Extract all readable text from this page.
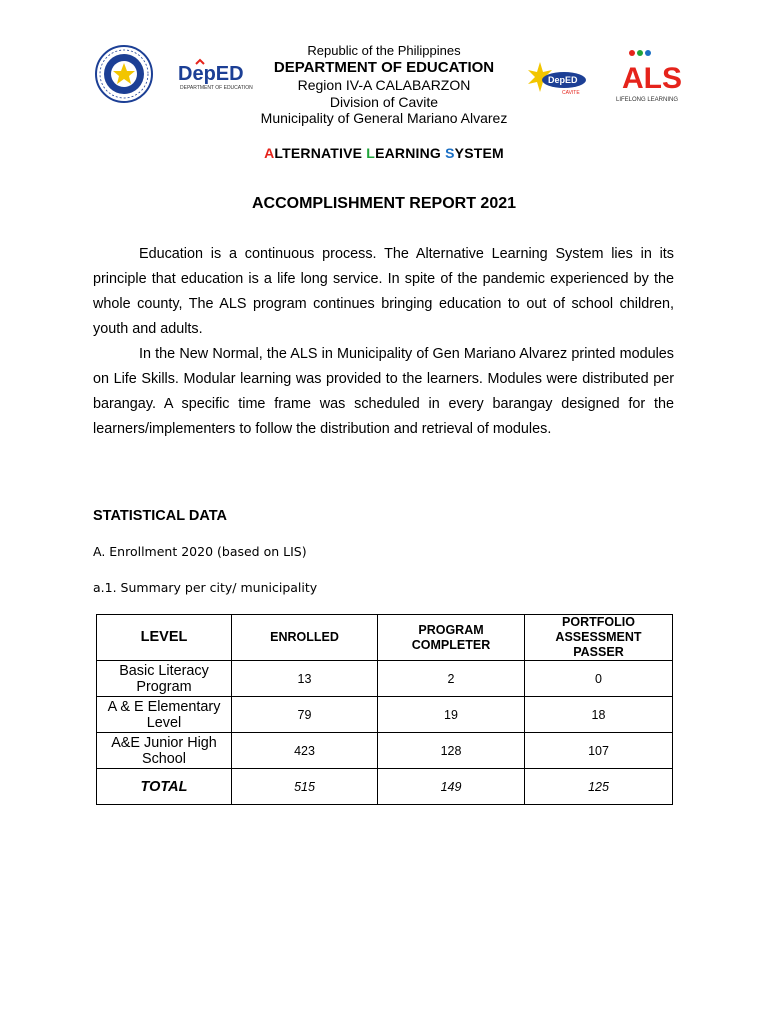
DepED
DEPARTMENT OF EDUCATION
DepED
CAVITE ALS
LIFELONG LEARNING
Republic of the Philippines
DEPARTMENT OF EDUCATION
Region IV-A CALABARZON
Division of Cavite
Municipality of General Mariano Alvarez
ALTERNATIVE LEARNING SYSTEM
ACCOMPLISHMENT REPORT 2021

Education is a continuous process. The Alternative Learning System lies in its principle that education is a life long service. In spite of the pandemic experienced by the whole county, The ALS program continues bringing education to out of school children, youth and adults.

In the New Normal, the ALS in Municipality of Gen Mariano Alvarez printed modules on Life Skills. Modular learning was provided to the learners. Modules were distributed per barangay. A specific time frame was scheduled in every barangay designed for the learners/implementers to follow the distribution and retrieval of modules.

STATISTICAL DATA
A. Enrollment 2020 (based on LIS)
a.1. Summary per city/ municipality
LEVEL	ENROLLED	PROGRAM COMPLETER	PORTFOLIO ASSESSMENT PASSER
Basic Literacy Program	13	2	0
A & E Elementary Level	79	19	18
A&E Junior High School	423	128	107
TOTAL	515	149	125
